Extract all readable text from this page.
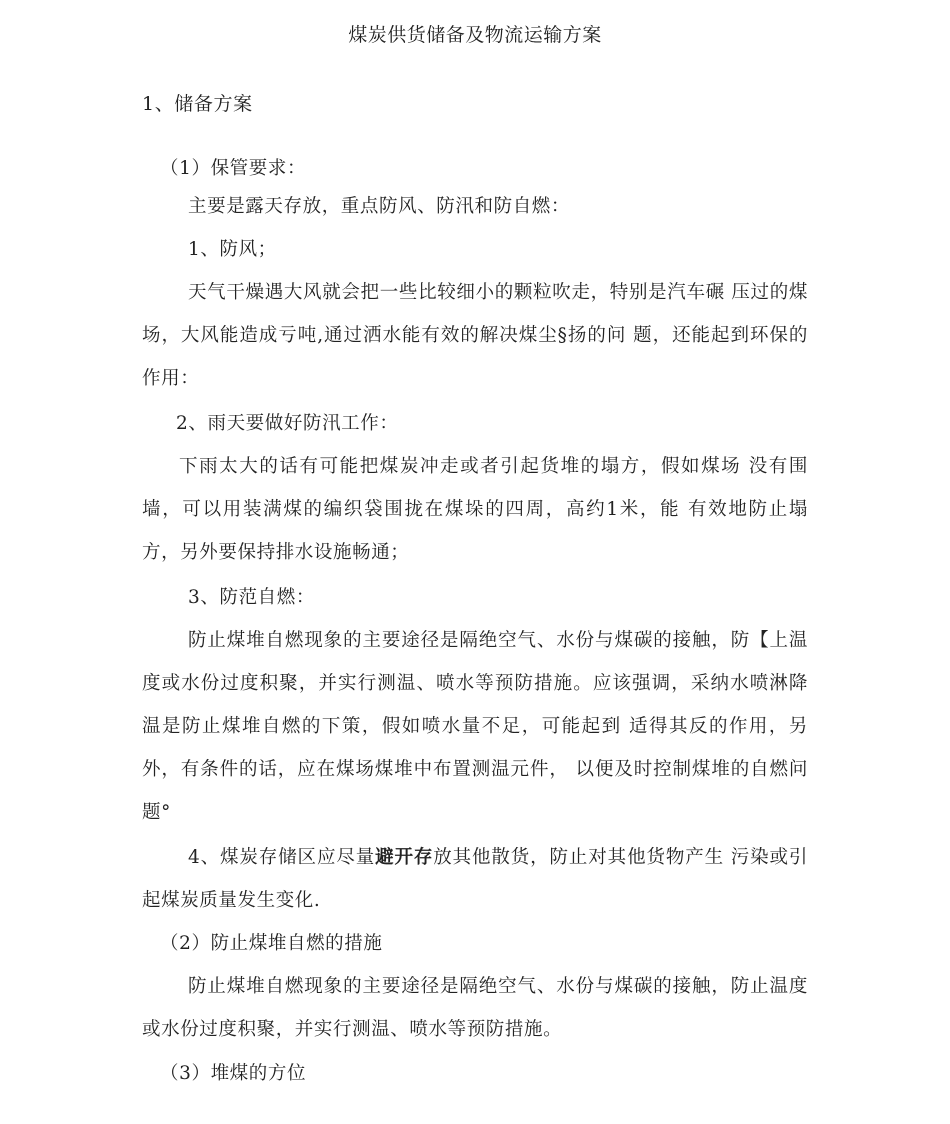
煤炭供货储备及物流运输方案

1、储备方案

（1）保管要求：

主要是露天存放，重点防风、防汛和防自燃：

1、防风；

天气干燥遇大风就会把一些比较细小的颗粒吹走，特别是汽车碾 压过的煤场，大风能造成亏吨,通过洒水能有效的解决煤尘§扬的问 题，还能起到环保的作用：

2、雨天要做好防汛工作：

下雨太大的话有可能把煤炭冲走或者引起货堆的塌方，假如煤场 没有围墙，可以用装满煤的编织袋围拢在煤垛的四周，高约1米，能 有效地防止塌方，另外要保持排水设施畅通；

3、防范自燃：

防止煤堆自燃现象的主要途径是隔绝空气、水份与煤碳的接触，防【上温度或水份过度积聚，并实行测温、喷水等预防措施。应该强调，采纳水喷淋降温是防止煤堆自燃的下策，假如喷水量不足，可能起到 适得其反的作用，另外，有条件的话，应在煤场煤堆中布置测温元件， 以便及时控制煤堆的自燃问题°

4、煤炭存储区应尽量避开存放其他散货，防止对其他货物产生 污染或引起煤炭质量发生变化.

（2）防止煤堆自燃的措施

防止煤堆自燃现象的主要途径是隔绝空气、水份与煤碳的接触，防止温度或水份过度积聚，并实行测温、喷水等预防措施。

（3）堆煤的方位
